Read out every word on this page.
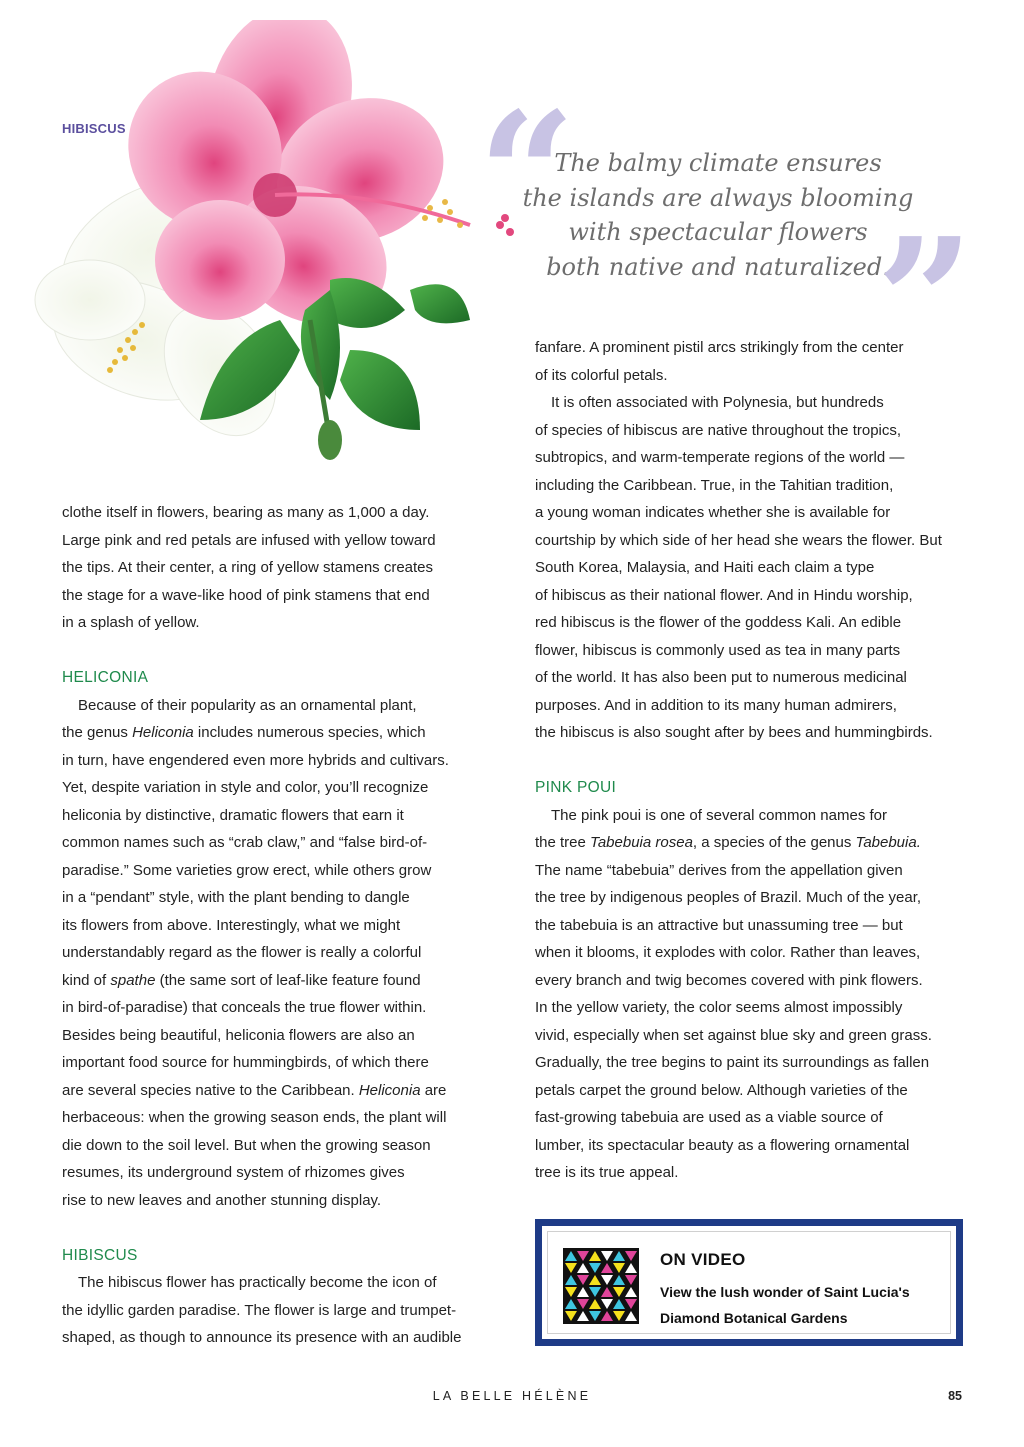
HIBISCUS “
The balmy climate ensures
the islands are always blooming
with spectacular flowers
both native and naturalized.
”

clothe itself in flowers, bearing as many as 1,000 a day.

Large pink and red petals are infused with yellow toward

the tips. At their center, a ring of yellow stamens creates

the stage for a wave-like hood of pink stamens that end

in a splash of yellow.

HELICONIA

Because of their popularity as an ornamental plant,

the genus Heliconia includes numerous species, which

in turn, have engendered even more hybrids and cultivars.

Yet, despite variation in style and color, you’ll recognize

heliconia by distinctive, dramatic flowers that earn it

common names such as “crab claw,” and “false bird-of-

paradise.” Some varieties grow erect, while others grow

in a “pendant” style, with the plant bending to dangle

its flowers from above. Interestingly, what we might

understandably regard as the flower is really a colorful

kind of spathe (the same sort of leaf-like feature found

in bird-of-paradise) that conceals the true flower within.

Besides being beautiful, heliconia flowers are also an

important food source for hummingbirds, of which there

are several species native to the Caribbean. Heliconia are

herbaceous: when the growing season ends, the plant will

die down to the soil level. But when the growing season

resumes, its underground system of rhizomes gives

rise to new leaves and another stunning display.

HIBISCUS

The hibiscus flower has practically become the icon of

the idyllic garden paradise. The flower is large and trumpet-

shaped, as though to announce its presence with an audible

fanfare. A prominent pistil arcs strikingly from the center

of its colorful petals.

It is often associated with Polynesia, but hundreds

of species of hibiscus are native throughout the tropics,

subtropics, and warm-temperate regions of the world —

including the Caribbean. True, in the Tahitian tradition,

a young woman indicates whether she is available for

courtship by which side of her head she wears the flower. But

South Korea, Malaysia, and Haiti each claim a type

of hibiscus as their national flower. And in Hindu worship,

red hibiscus is the flower of the goddess Kali. An edible

flower, hibiscus is commonly used as tea in many parts

of the world. It has also been put to numerous medicinal

purposes. And in addition to its many human admirers,

the hibiscus is also sought after by bees and hummingbirds.

PINK POUI

The pink poui is one of several common names for

the tree Tabebuia rosea, a species of the genus Tabebuia.

The name “tabebuia” derives from the appellation given

the tree by indigenous peoples of Brazil. Much of the year,

the tabebuia is an attractive but unassuming tree — but

when it blooms, it explodes with color. Rather than leaves,

every branch and twig becomes covered with pink flowers.

In the yellow variety, the color seems almost impossibly

vivid, especially when set against blue sky and green grass.

Gradually, the tree begins to paint its surroundings as fallen

petals carpet the ground below. Although varieties of the

fast-growing tabebuia are used as a viable source of

lumber, its spectacular beauty as a flowering ornamental

tree is its true appeal.

ON VIDEO
View the lush wonder of Saint Lucia's
Diamond Botanical Gardens
LA BELLE HÉLÈNE	85
